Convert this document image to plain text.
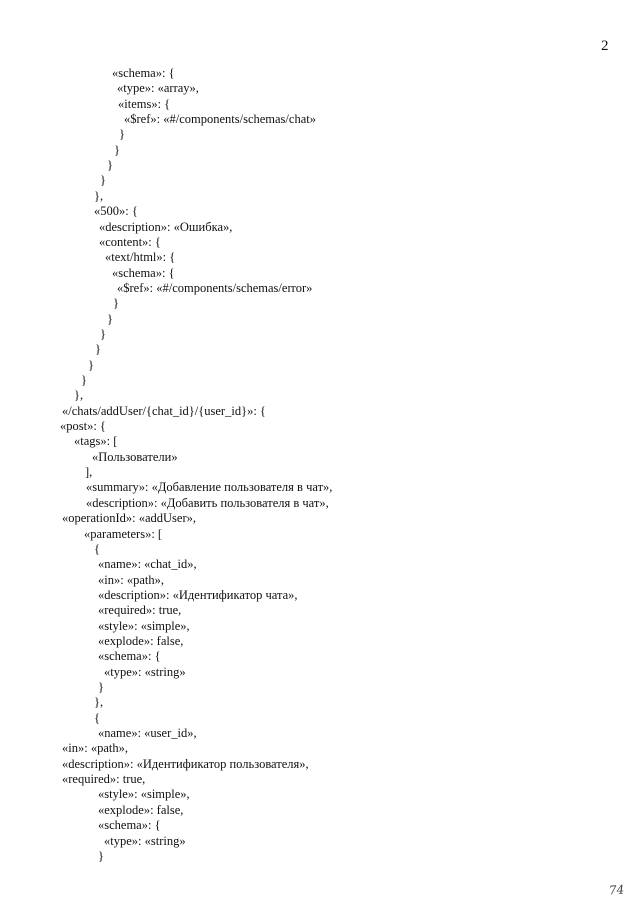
2
«schema»: {
«type»: «array»,
«items»: {
«$ref»: «#/components/schemas/chat»
}
}
}
}
},
«500»: {
«description»: «Ошибка»,
«content»: {
«text/html»: {
«schema»: {
«$ref»: «#/components/schemas/error»
}
}
}
}
}
}
},
«/chats/addUser/{chat_id}/{user_id}»: {
«post»: {
«tags»: [
«Пользователи»
],
«summary»: «Добавление пользователя в чат»,
«description»: «Добавить пользователя в чат»,
«operationId»: «addUser»,
«parameters»: [
{
«name»: «chat_id»,
«in»: «path»,
«description»: «Идентификатор чата»,
«required»: true,
«style»: «simple»,
«explode»: false,
«schema»: {
«type»: «string»
}
},
{
«name»: «user_id»,
«in»: «path»,
«description»: «Идентификатор пользователя»,
«required»: true,
«style»: «simple»,
«explode»: false,
«schema»: {
«type»: «string»
}
74
